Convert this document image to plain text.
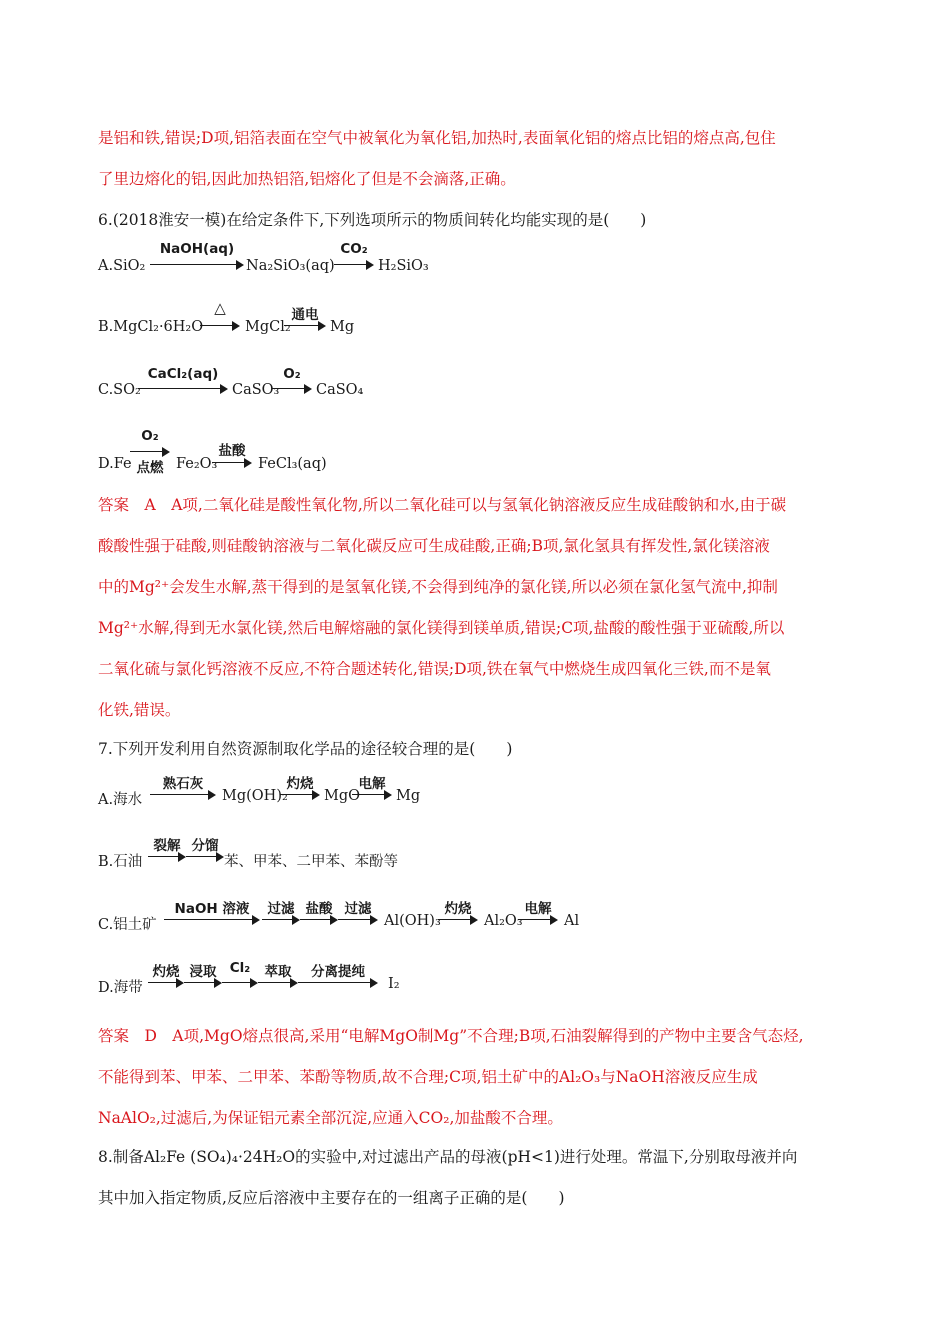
是铝和铁,错误;D项,铝箔表面在空气中被氧化为氧化铝,加热时,表面氧化铝的熔点比铝的熔点高,包住
了里边熔化的铝,因此加热铝箔,铝熔化了但是不会滴落,正确。
6.(2018淮安一模)在给定条件下,下列选项所示的物质间转化均能实现的是(　　)
A.SiO₂
NaOH(aq)
Na₂SiO₃(aq)
CO₂
H₂SiO₃
B.MgCl₂·6H₂O
△
MgCl₂
通电
Mg
C.SO₂
CaCl₂(aq)
CaSO₃
O₂
CaSO₄
D.Fe
O₂
点燃 Fe₂O₃
盐酸
FeCl₃(aq)
答案　A　A项,二氧化硅是酸性氧化物,所以二氧化硅可以与氢氧化钠溶液反应生成硅酸钠和水,由于碳
酸酸性强于硅酸,则硅酸钠溶液与二氧化碳反应可生成硅酸,正确;B项,氯化氢具有挥发性,氯化镁溶液
中的Mg²⁺会发生水解,蒸干得到的是氢氧化镁,不会得到纯净的氯化镁,所以必须在氯化氢气流中,抑制
Mg²⁺水解,得到无水氯化镁,然后电解熔融的氯化镁得到镁单质,错误;C项,盐酸的酸性强于亚硫酸,所以
二氧化硫与氯化钙溶液不反应,不符合题述转化,错误;D项,铁在氧气中燃烧生成四氧化三铁,而不是氧
化铁,错误。
7.下列开发利用自然资源制取化学品的途径较合理的是(　　)
A.海水
熟石灰
Mg(OH)₂
灼烧
MgO
电解
Mg
B.石油
裂解 分馏
苯、甲苯、二甲苯、苯酚等
C.铝土矿
NaOH 溶液	过滤 盐酸 过滤
Al(OH)₃
灼烧
Al₂O₃
电解
Al
D.海带
灼烧 浸取 Cl₂	萃取	分离提纯
I₂
答案　D　A项,MgO熔点很高,采用“电解MgO制Mg”不合理;B项,石油裂解得到的产物中主要含气态烃,
不能得到苯、甲苯、二甲苯、苯酚等物质,故不合理;C项,铝土矿中的Al₂O₃与NaOH溶液反应生成
NaAlO₂,过滤后,为保证铝元素全部沉淀,应通入CO₂,加盐酸不合理。
8.制备Al₂Fe (SO₄)₄·24H₂O的实验中,对过滤出产品的母液(pH<1)进行处理。常温下,分别取母液并向
其中加入指定物质,反应后溶液中主要存在的一组离子正确的是(　　)
